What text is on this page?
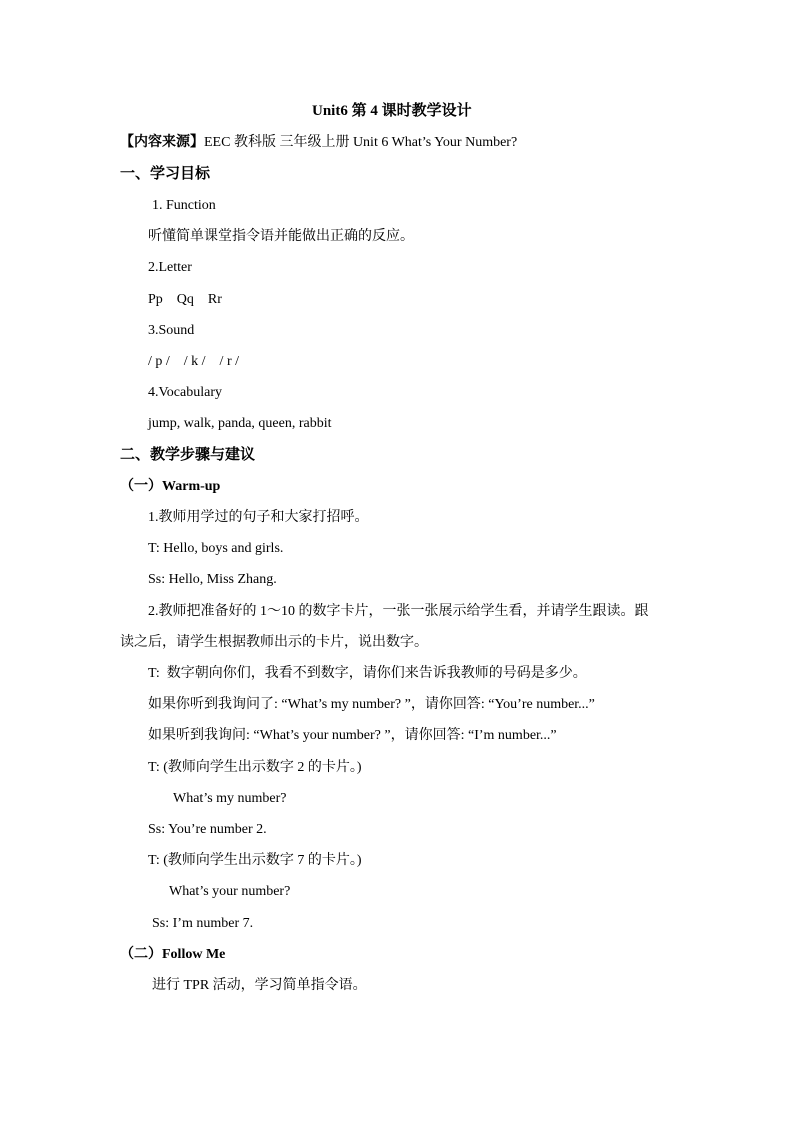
Unit6 第 4 课时教学设计
【内容来源】EEC 教科版 三年级上册 Unit 6 What’s Your Number?
一、学习目标
1. Function
听懂简单课堂指令语并能做出正确的反应。
2.Letter
Pp    Qq    Rr
3.Sound
/ p /    / k /    / r /
4.Vocabulary
jump, walk, panda, queen, rabbit
二、教学步骤与建议
（一）Warm-up
1.教师用学过的句子和大家打招呼。
T: Hello, boys and girls.
Ss: Hello, Miss Zhang.
2.教师把准备好的 1～10 的数字卡片，一张一张展示给学生看，并请学生跟读。跟
读之后，请学生根据教师出示的卡片，说出数字。
T:  数字朝向你们，我看不到数字，请你们来告诉我教师的号码是多少。
如果你听到我询问了: “What’s my number? ”，请你回答: “You’re number...”
如果听到我询问: “What’s your number? ”，请你回答: “I’m number...”
T: (教师向学生出示数字 2 的卡片。)
What’s my number?
Ss: You’re number 2.
T: (教师向学生出示数字 7 的卡片。)
What’s your number?
Ss: I’m number 7.
（二）Follow Me
进行 TPR 活动，学习简单指令语。
